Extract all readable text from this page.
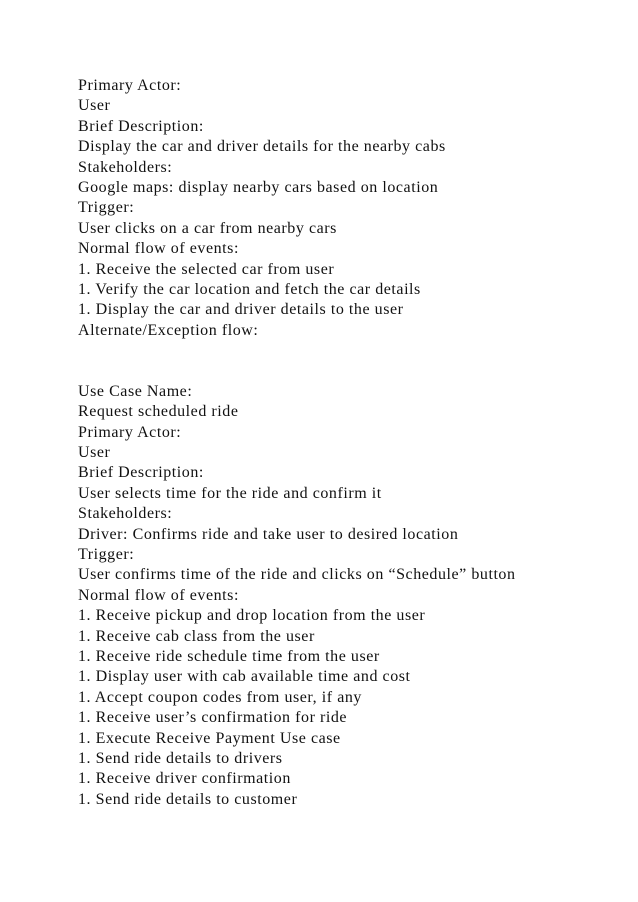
Primary Actor:
User
Brief Description:
Display the car and driver details for the nearby cabs
Stakeholders:
Google maps: display nearby cars based on location
Trigger:
User clicks on a car from nearby cars
Normal flow of events:
1. Receive the selected car from user
1. Verify the car location and fetch the car details
1. Display the car and driver details to the user
Alternate/Exception flow:
Use Case Name:
Request scheduled ride
Primary Actor:
User
Brief Description:
User selects time for the ride and confirm it
Stakeholders:
Driver: Confirms ride and take user to desired location
Trigger:
User confirms time of the ride and clicks on “Schedule” button
Normal flow of events:
1. Receive pickup and drop location from the user
1. Receive cab class from the user
1. Receive ride schedule time from the user
1. Display user with cab available time and cost
1. Accept coupon codes from user, if any
1. Receive user’s confirmation for ride
1. Execute Receive Payment Use case
1. Send ride details to drivers
1. Receive driver confirmation
1. Send ride details to customer
